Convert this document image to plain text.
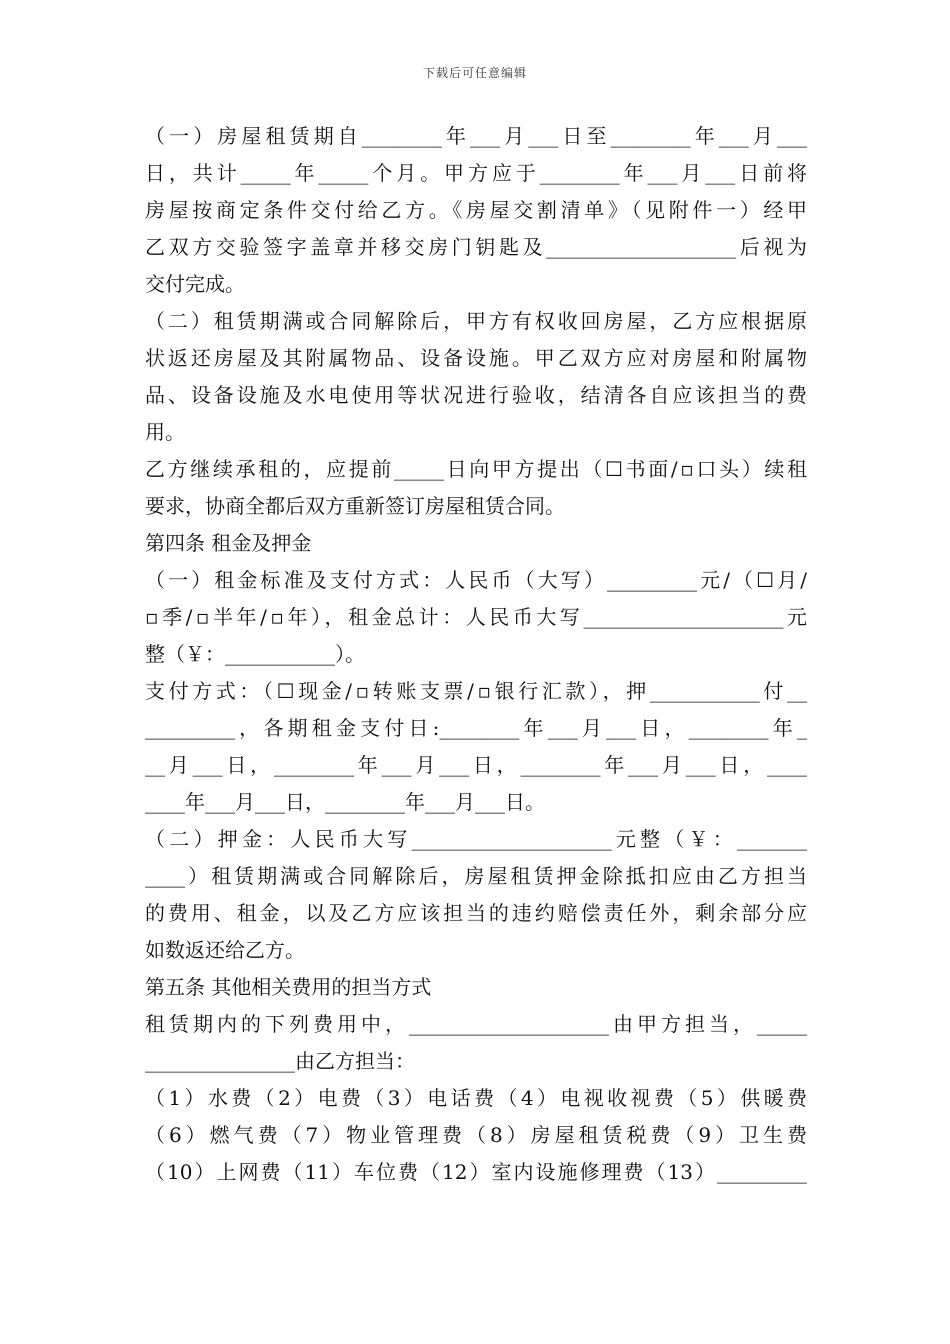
下载后可任意编辑
（一）房屋租赁期自________年___月___日至________年___月___
日，共计_____年_____个月。甲方应于________年___月___日前将
房屋按商定条件交付给乙方。《房屋交割清单》（见附件一）经甲
乙双方交验签字盖章并移交房门钥匙及___________________后视为
交付完成。
（二）租赁期满或合同解除后，甲方有权收回房屋，乙方应根据原
状返还房屋及其附属物品、设备设施。甲乙双方应对房屋和附属物
品、设备设施及水电使用等状况进行验收，结清各自应该担当的费
用。
乙方继续承租的，应提前_____日向甲方提出（☐书面/▫口头）续租
要求，协商全都后双方重新签订房屋租赁合同。
第四条 租金及押金
（一）租金标准及支付方式：人民币（大写）_________元/（☐月/
▫季/▫半年/▫年），租金总计：人民币大写____________________元
整（￥：___________）。
支付方式：（☐现金/▫转账支票/▫银行汇款），押___________付__
_________，各期租金支付日:________年___月___日，________年_
__月___日，________年___月___日，________年___月___日，____
____年___月___日，________年___月___日。
（二）押金：人民币大写____________________元整（￥：_______
____）租赁期满或合同解除后，房屋租赁押金除抵扣应由乙方担当
的费用、租金，以及乙方应该担当的违约赔偿责任外，剩余部分应
如数返还给乙方。
第五条 其他相关费用的担当方式
租赁期内的下列费用中，____________________由甲方担当，_____
_______________由乙方担当：
（1）水费（2）电费（3）电话费（4）电视收视费（5）供暖费
（6）燃气费（7）物业管理费（8）房屋租赁税费（9）卫生费
（10）上网费（11）车位费（12）室内设施修理费（13）_________
